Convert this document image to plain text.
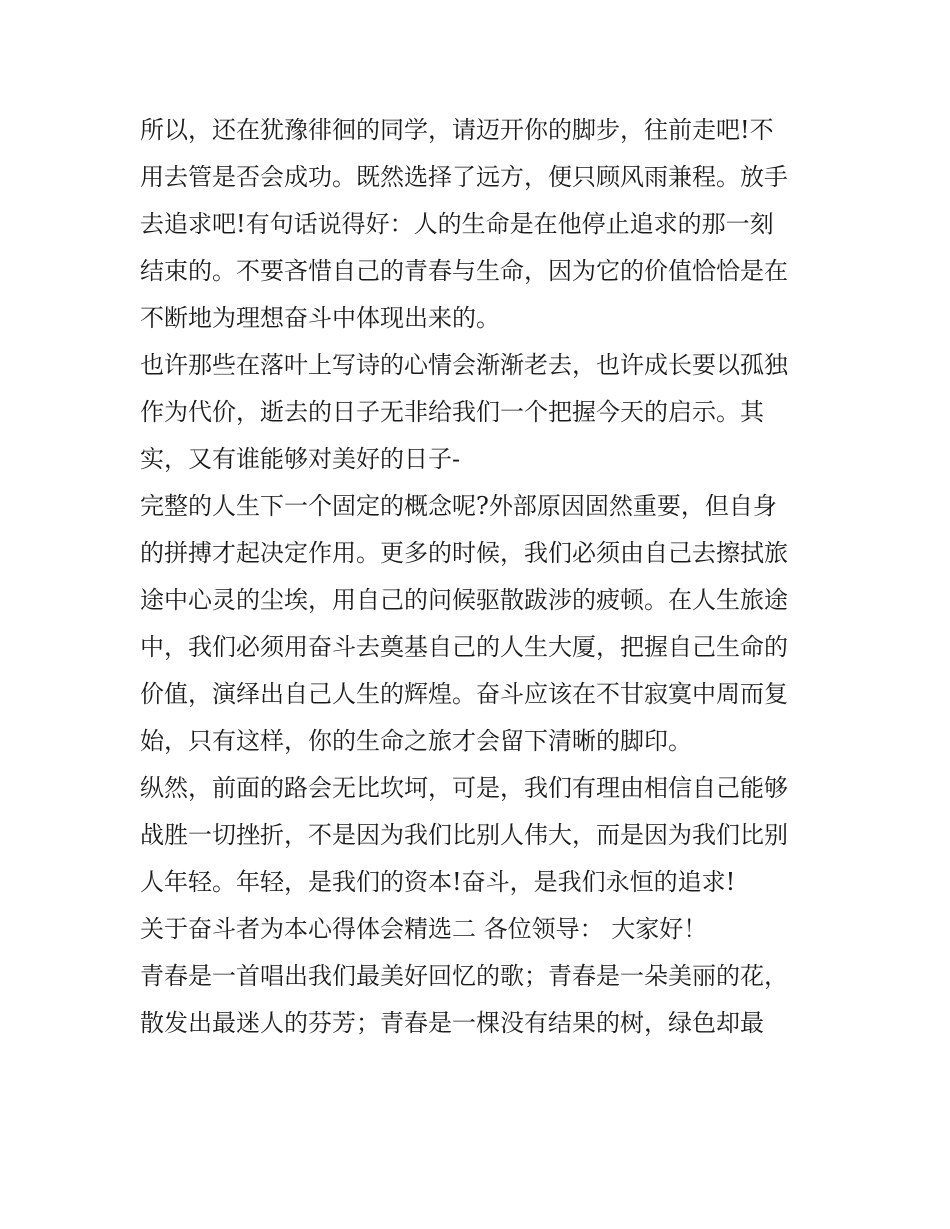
所以，还在犹豫徘徊的同学，请迈开你的脚步，往前走吧!不
用去管是否会成功。既然选择了远方，便只顾风雨兼程。放手
去追求吧!有句话说得好：人的生命是在他停止追求的那一刻
结束的。不要吝惜自己的青春与生命，因为它的价值恰恰是在
不断地为理想奋斗中体现出来的。
也许那些在落叶上写诗的心情会渐渐老去，也许成长要以孤独
作为代价，逝去的日子无非给我们一个把握今天的启示。其
实，又有谁能够对美好的日子-
完整的人生下一个固定的概念呢?外部原因固然重要，但自身
的拼搏才起决定作用。更多的时候，我们必须由自己去擦拭旅
途中心灵的尘埃，用自己的问候驱散跋涉的疲顿。在人生旅途
中，我们必须用奋斗去奠基自己的人生大厦，把握自己生命的
价值，演绎出自己人生的辉煌。奋斗应该在不甘寂寞中周而复
始，只有这样，你的生命之旅才会留下清晰的脚印。
纵然，前面的路会无比坎坷，可是，我们有理由相信自己能够
战胜一切挫折，不是因为我们比别人伟大，而是因为我们比别
人年轻。年轻，是我们的资本!奋斗，是我们永恒的追求!
关于奋斗者为本心得体会精选二 各位领导： 大家好！
青春是一首唱出我们最美好回忆的歌；青春是一朵美丽的花，
散发出最迷人的芬芳；青春是一棵没有结果的树，绿色却最
